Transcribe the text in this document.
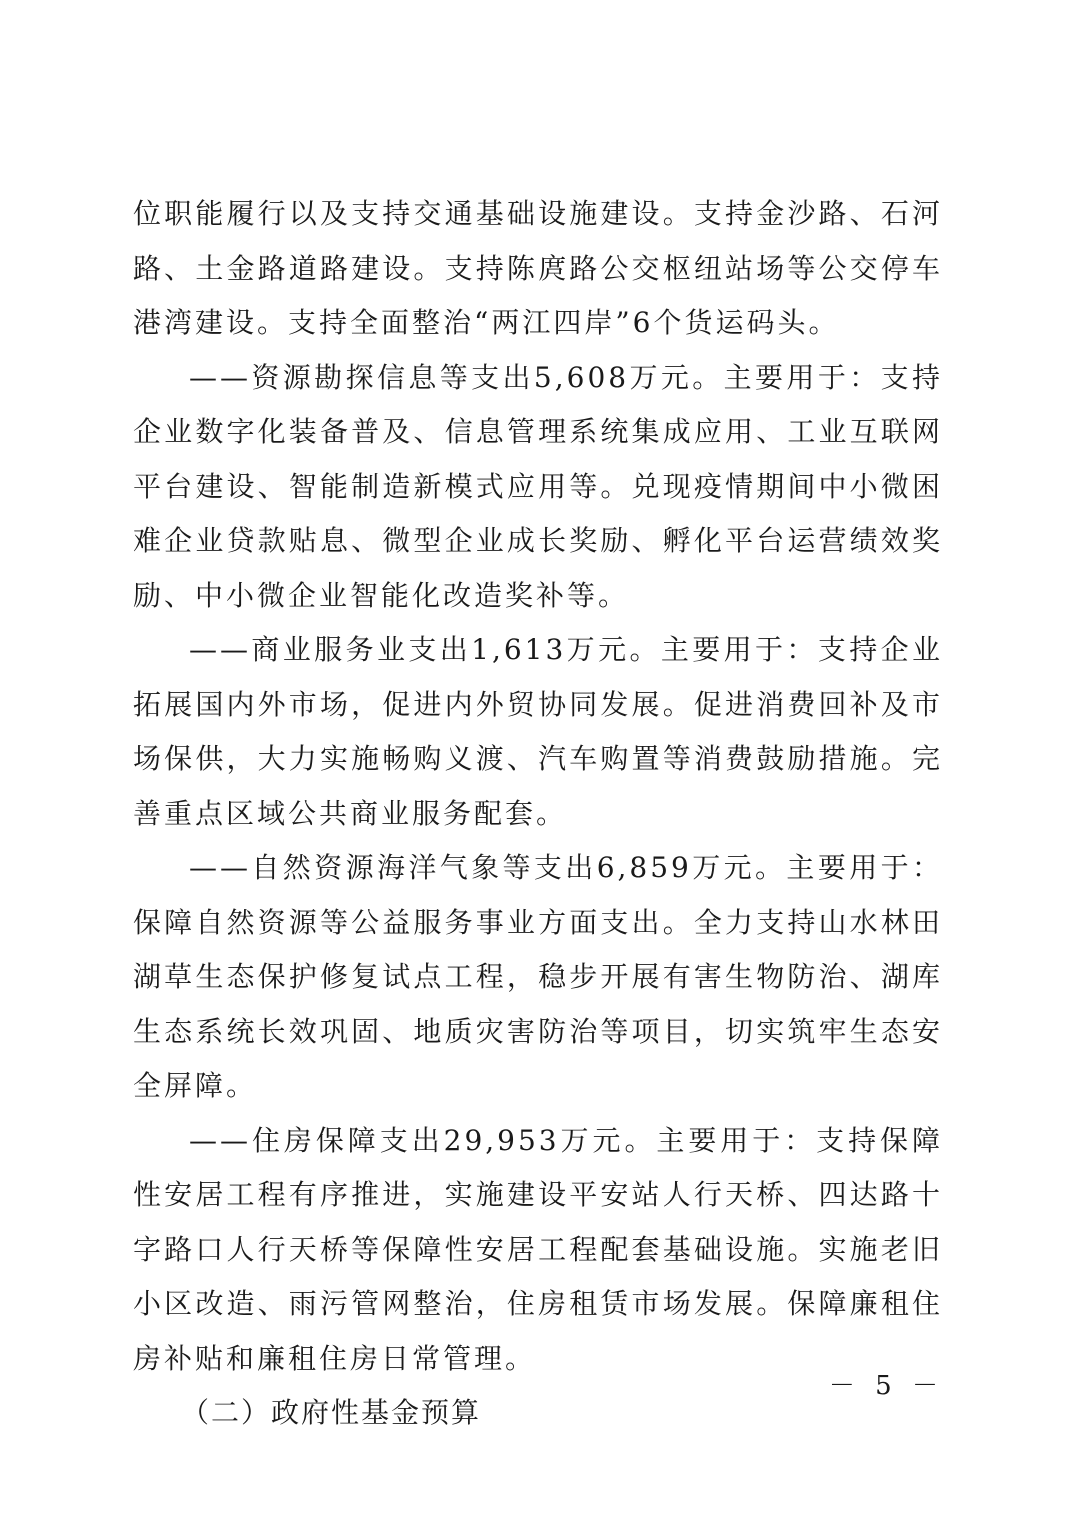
位职能履行以及支持交通基础设施建设。支持金沙路、石河路、土金路道路建设。支持陈庹路公交枢纽站场等公交停车港湾建设。支持全面整治“两江四岸”6个货运码头。

——资源勘探信息等支出5,608万元。主要用于：支持企业数字化装备普及、信息管理系统集成应用、工业互联网平台建设、智能制造新模式应用等。兑现疫情期间中小微困难企业贷款贴息、微型企业成长奖励、孵化平台运营绩效奖励、中小微企业智能化改造奖补等。

——商业服务业支出1,613万元。主要用于：支持企业拓展国内外市场，促进内外贸协同发展。促进消费回补及市场保供，大力实施畅购义渡、汽车购置等消费鼓励措施。完善重点区域公共商业服务配套。

——自然资源海洋气象等支出6,859万元。主要用于：保障自然资源等公益服务事业方面支出。全力支持山水林田湖草生态保护修复试点工程，稳步开展有害生物防治、湖库生态系统长效巩固、地质灾害防治等项目，切实筑牢生态安全屏障。

——住房保障支出29,953万元。主要用于：支持保障性安居工程有序推进，实施建设平安站人行天桥、四达路十字路口人行天桥等保障性安居工程配套基础设施。实施老旧小区改造、雨污管网整治，住房租赁市场发展。保障廉租住房补贴和廉租住房日常管理。

（二）政府性基金预算

－ 5 －
